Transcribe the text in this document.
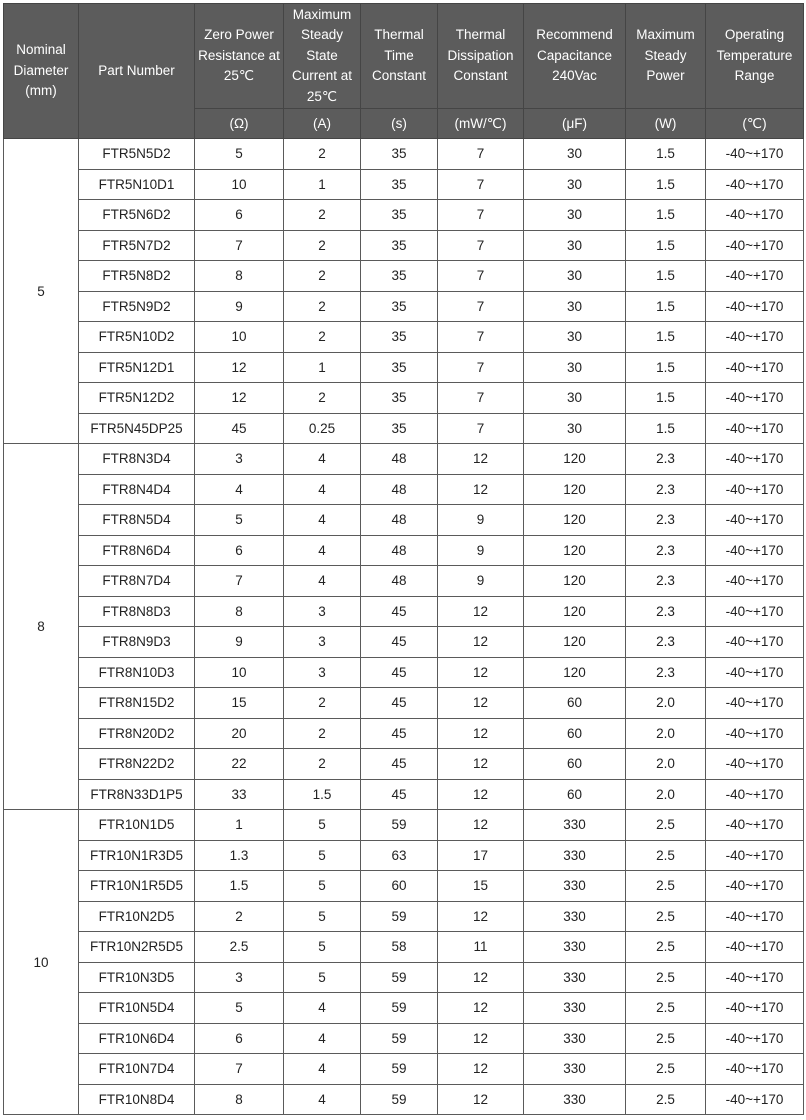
Nominal Diameter (mm)	Part Number	Zero Power Resistance at 25℃	Maximum Steady State Current at 25℃	Thermal Time Constant	Thermal Dissipation Constant	Recommend Capacitance 240Vac	Maximum Steady Power	Operating Temperature Range
		(Ω)	(A)	(s)	(mW/℃)	(μF)	(W)	(℃)
5	FTR5N5D2	5	2	35	7	30	1.5	-40~+170
	FTR5N10D1	10	1	35	7	30	1.5	-40~+170
	FTR5N6D2	6	2	35	7	30	1.5	-40~+170
	FTR5N7D2	7	2	35	7	30	1.5	-40~+170
	FTR5N8D2	8	2	35	7	30	1.5	-40~+170
	FTR5N9D2	9	2	35	7	30	1.5	-40~+170
	FTR5N10D2	10	2	35	7	30	1.5	-40~+170
	FTR5N12D1	12	1	35	7	30	1.5	-40~+170
	FTR5N12D2	12	2	35	7	30	1.5	-40~+170
	FTR5N45DP25	45	0.25	35	7	30	1.5	-40~+170
8	FTR8N3D4	3	4	48	12	120	2.3	-40~+170
	FTR8N4D4	4	4	48	12	120	2.3	-40~+170
	FTR8N5D4	5	4	48	9	120	2.3	-40~+170
	FTR8N6D4	6	4	48	9	120	2.3	-40~+170
	FTR8N7D4	7	4	48	9	120	2.3	-40~+170
	FTR8N8D3	8	3	45	12	120	2.3	-40~+170
	FTR8N9D3	9	3	45	12	120	2.3	-40~+170
	FTR8N10D3	10	3	45	12	120	2.3	-40~+170
	FTR8N15D2	15	2	45	12	60	2.0	-40~+170
	FTR8N20D2	20	2	45	12	60	2.0	-40~+170
	FTR8N22D2	22	2	45	12	60	2.0	-40~+170
	FTR8N33D1P5	33	1.5	45	12	60	2.0	-40~+170
10	FTR10N1D5	1	5	59	12	330	2.5	-40~+170
	FTR10N1R3D5	1.3	5	63	17	330	2.5	-40~+170
	FTR10N1R5D5	1.5	5	60	15	330	2.5	-40~+170
	FTR10N2D5	2	5	59	12	330	2.5	-40~+170
	FTR10N2R5D5	2.5	5	58	11	330	2.5	-40~+170
	FTR10N3D5	3	5	59	12	330	2.5	-40~+170
	FTR10N5D4	5	4	59	12	330	2.5	-40~+170
	FTR10N6D4	6	4	59	12	330	2.5	-40~+170
	FTR10N7D4	7	4	59	12	330	2.5	-40~+170
	FTR10N8D4	8	4	59	12	330	2.5	-40~+170
